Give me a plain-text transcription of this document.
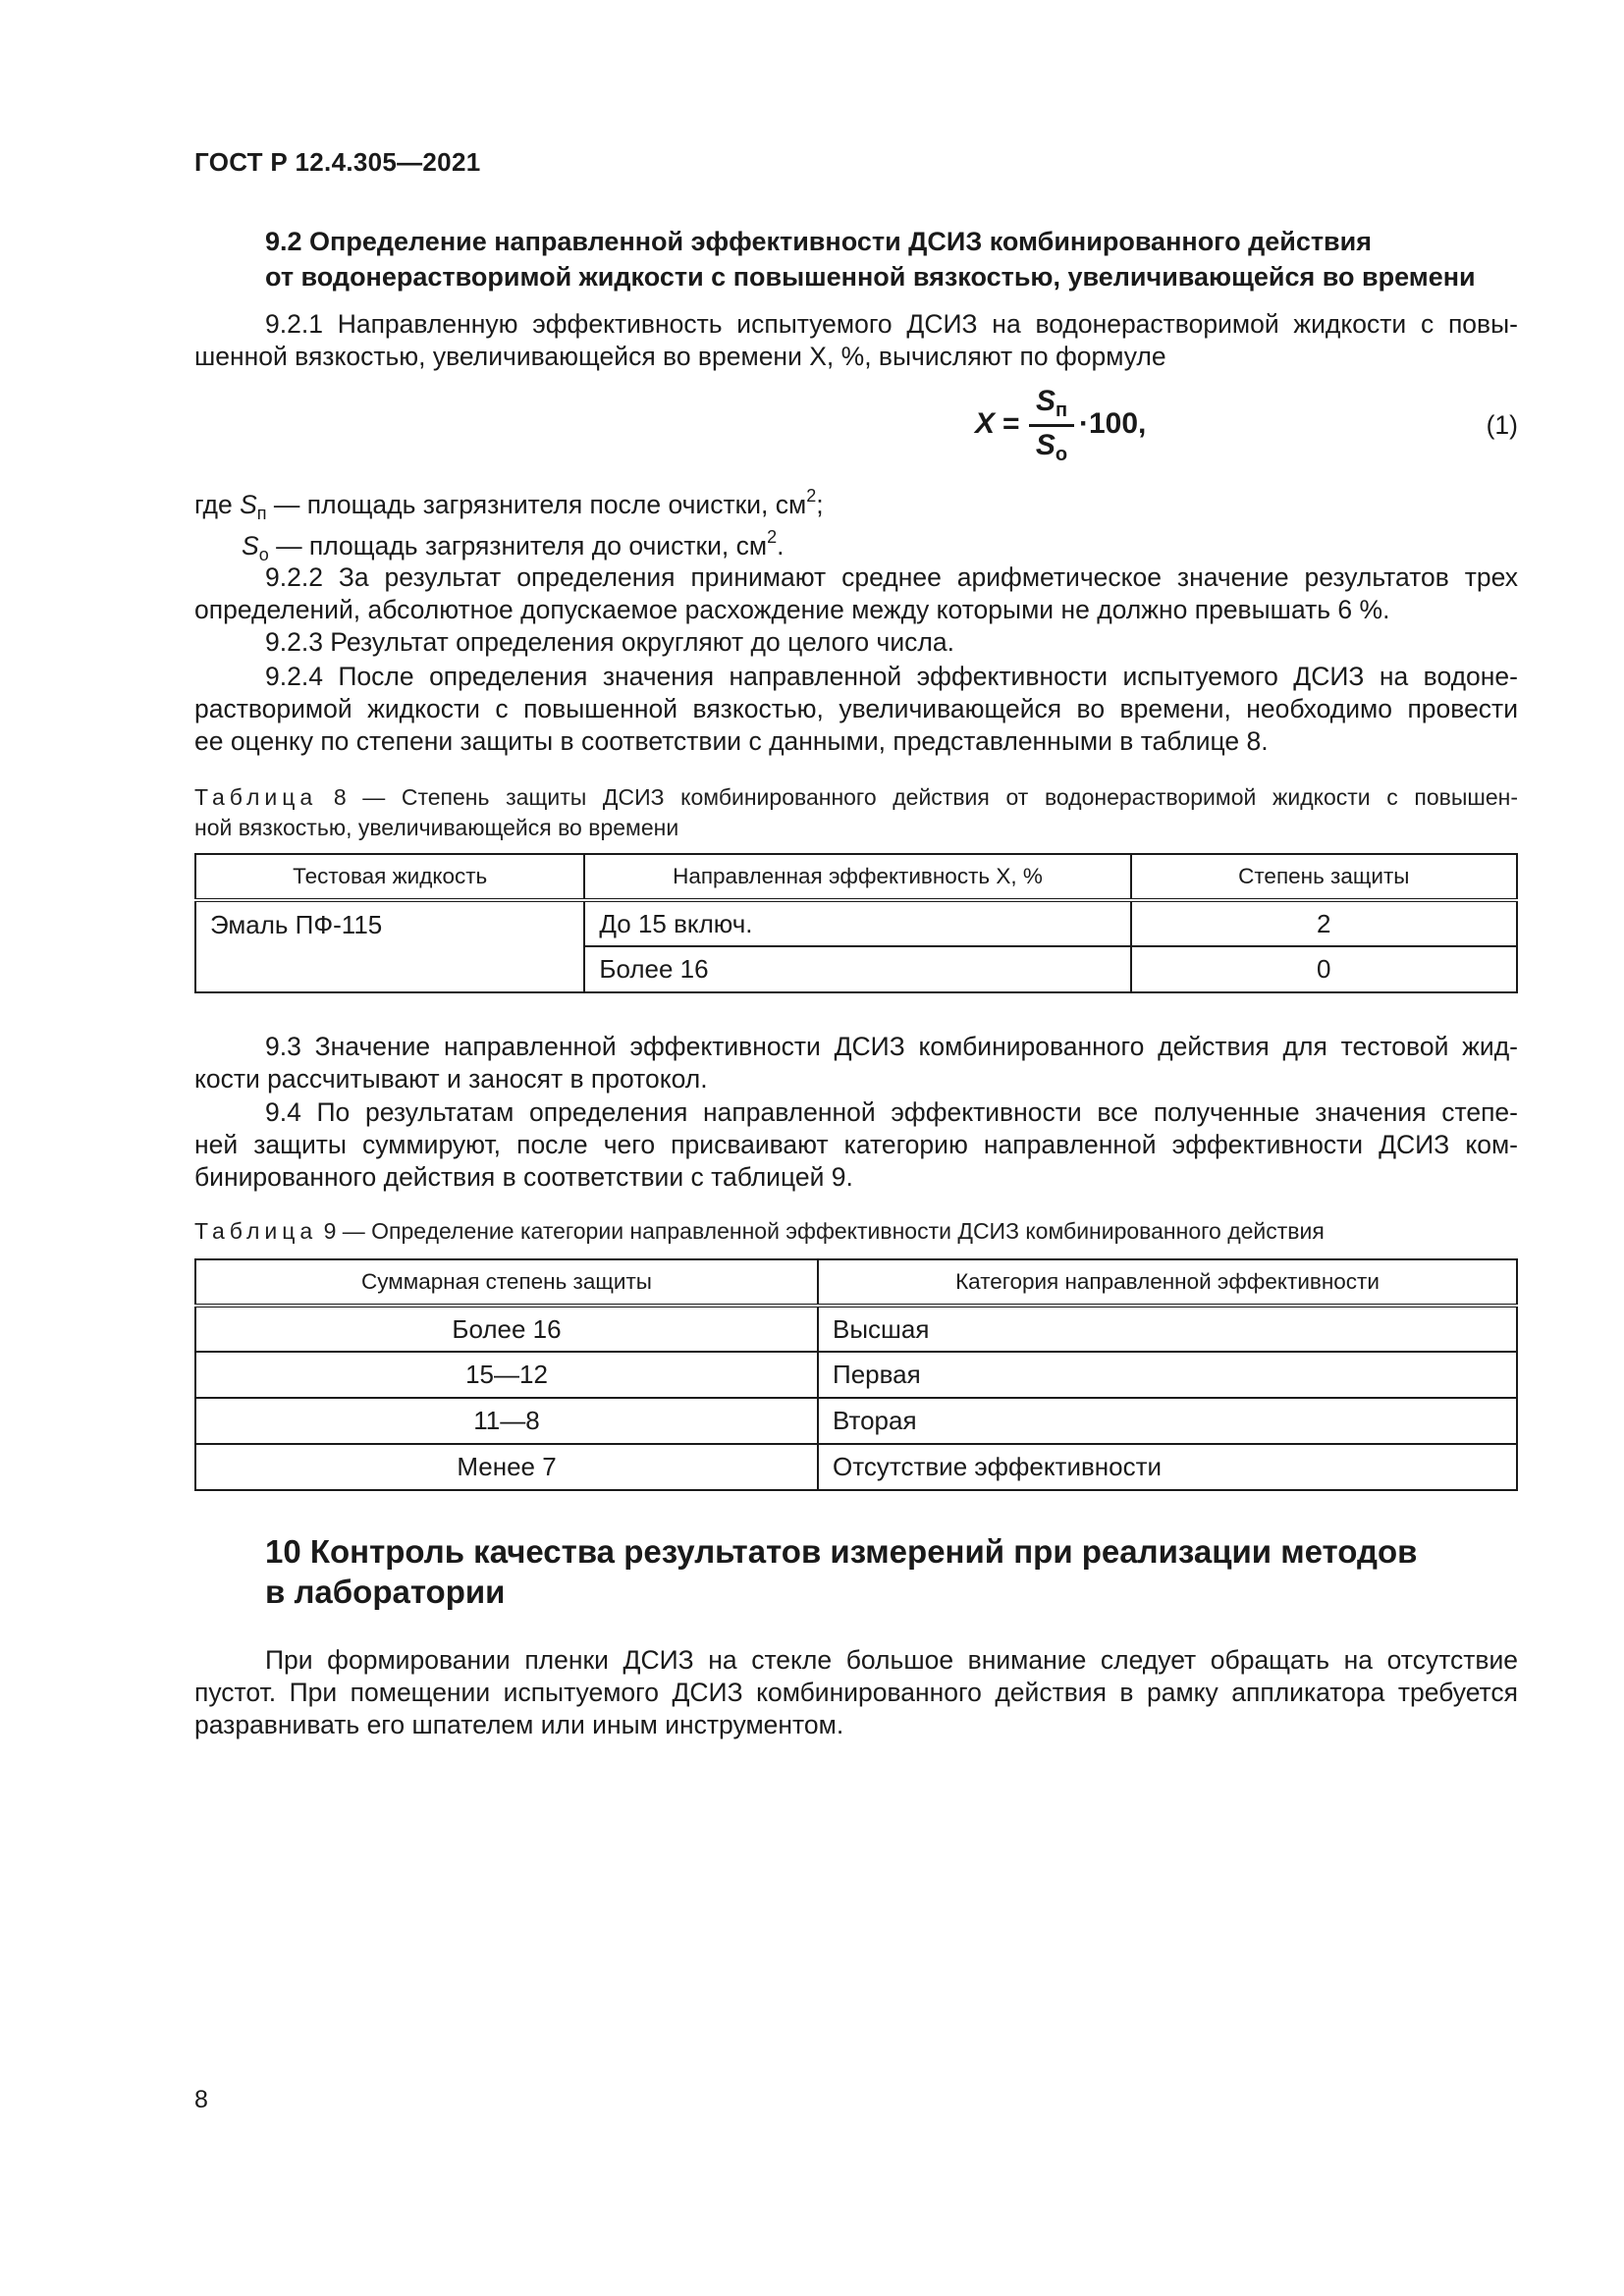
ГОСТ Р 12.4.305—2021
9.2 Определение направленной эффективности ДСИЗ комбинированного действия
от водонерастворимой жидкости с повышенной вязкостью, увеличивающейся во времени

9.2.1 Направленную эффективность испытуемого ДСИЗ на водонерастворимой жидкости с повы-
шенной вязкостью, увеличивающейся во времени X, %, вычисляют по формуле

X =
$S_п$
$S_о$
·100,	(1)
где $S_п$ — площадь загрязнителя после очистки, $см^2$;
$S_о$ — площадь загрязнителя до очистки, $см^2$.

9.2.2 За результат определения принимают среднее арифметическое значение результатов трех
определений, абсолютное допускаемое расхождение между которыми не должно превышать 6 %.

9.2.3 Результат определения округляют до целого числа.

9.2.4 После определения значения направленной эффективности испытуемого ДСИЗ на водоне-
растворимой жидкости с повышенной вязкостью, увеличивающейся во времени, необходимо провести
ее оценку по степени защиты в соответствии с данными, представленными в таблице 8.

Таблица 8 — Степень защиты ДСИЗ комбинированного действия от водонерастворимой жидкости с повышен-
ной вязкостью, увеличивающейся во времени
Тестовая жидкость	Направленная эффективность X, %	Степень защиты
Эмаль ПФ-115	До 15 включ.	2
	Более 16	0

9.3 Значение направленной эффективности ДСИЗ комбинированного действия для тестовой жид-
кости рассчитывают и заносят в протокол.

9.4 По результатам определения направленной эффективности все полученные значения степе-
ней защиты суммируют, после чего присваивают категорию направленной эффективности ДСИЗ ком-
бинированного действия в соответствии с таблицей 9.

Таблица 9 — Определение категории направленной эффективности ДСИЗ комбинированного действия
Суммарная степень защиты	Категория направленной эффективности
Более 16	Высшая
15—12	Первая
11—8	Вторая
Менее 7	Отсутствие эффективности
10 Контроль качества результатов измерений при реализации методов
в лаборатории

При формировании пленки ДСИЗ на стекле большое внимание следует обращать на отсутствие
пустот. При помещении испытуемого ДСИЗ комбинированного действия в рамку аппликатора требуется
разравнивать его шпателем или иным инструментом.

8
